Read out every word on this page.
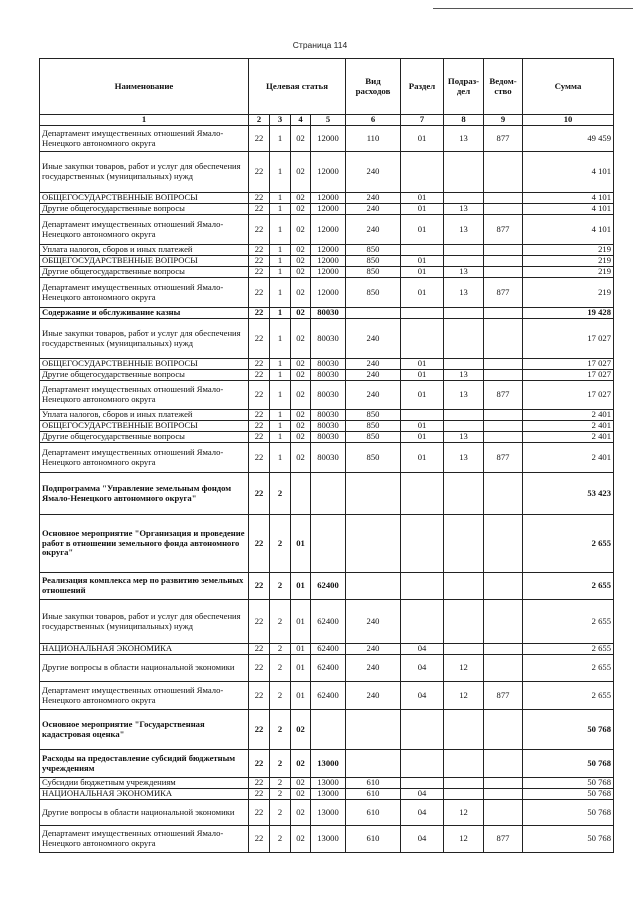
Страница 114
Наименование	Целевая статья				Вид расходов	Раздел	Подраз-дел	Ведом-ство	Сумма
1	2	3	4	5	6	7	8	9	10
Департамент имущественных отношений Ямало-Ненецкого автономного округа	22	1	02	12000	110	01	13	877	49 459
Иные закупки товаров, работ и услуг для обеспечения государственных (муниципальных) нужд	22	1	02	12000	240				4 101
ОБЩЕГОСУДАРСТВЕННЫЕ ВОПРОСЫ	22	1	02	12000	240	01			4 101
Другие общегосударственные вопросы	22	1	02	12000	240	01	13		4 101
Департамент имущественных отношений Ямало-Ненецкого автономного округа	22	1	02	12000	240	01	13	877	4 101
Уплата налогов, сборов и иных платежей	22	1	02	12000	850				219
ОБЩЕГОСУДАРСТВЕННЫЕ ВОПРОСЫ	22	1	02	12000	850	01			219
Другие общегосударственные вопросы	22	1	02	12000	850	01	13		219
Департамент имущественных отношений Ямало-Ненецкого автономного округа	22	1	02	12000	850	01	13	877	219
Содержание и обслуживание казны	22	1	02	80030					19 428
Иные закупки товаров, работ и услуг для обеспечения государственных (муниципальных) нужд	22	1	02	80030	240				17 027
ОБЩЕГОСУДАРСТВЕННЫЕ ВОПРОСЫ	22	1	02	80030	240	01			17 027
Другие общегосударственные вопросы	22	1	02	80030	240	01	13		17 027
Департамент имущественных отношений Ямало-Ненецкого автономного округа	22	1	02	80030	240	01	13	877	17 027
Уплата налогов, сборов и иных платежей	22	1	02	80030	850				2 401
ОБЩЕГОСУДАРСТВЕННЫЕ ВОПРОСЫ	22	1	02	80030	850	01			2 401
Другие общегосударственные вопросы	22	1	02	80030	850	01	13		2 401
Департамент имущественных отношений Ямало-Ненецкого автономного округа	22	1	02	80030	850	01	13	877	2 401
Подпрограмма "Управление земельным фондом Ямало-Ненецкого автономного округа"	22	2							53 423
Основное мероприятие "Организация и проведение работ в отношении земельного фонда автономного округа"	22	2	01						2 655
Реализация комплекса мер по развитию земельных отношений	22	2	01	62400					2 655
Иные закупки товаров, работ и услуг для обеспечения государственных (муниципальных) нужд	22	2	01	62400	240				2 655
НАЦИОНАЛЬНАЯ ЭКОНОМИКА	22	2	01	62400	240	04			2 655
Другие вопросы в области национальной экономики	22	2	01	62400	240	04	12		2 655
Департамент имущественных отношений Ямало-Ненецкого автономного округа	22	2	01	62400	240	04	12	877	2 655
Основное мероприятие "Государственная кадастровая оценка"	22	2	02						50 768
Расходы на предоставление субсидий бюджетным учреждениям	22	2	02	13000					50 768
Субсидии бюджетным учреждениям	22	2	02	13000	610				50 768
НАЦИОНАЛЬНАЯ ЭКОНОМИКА	22	2	02	13000	610	04			50 768
Другие вопросы в области национальной экономики	22	2	02	13000	610	04	12		50 768
Департамент имущественных отношений Ямало-Ненецкого автономного округа	22	2	02	13000	610	04	12	877	50 768
